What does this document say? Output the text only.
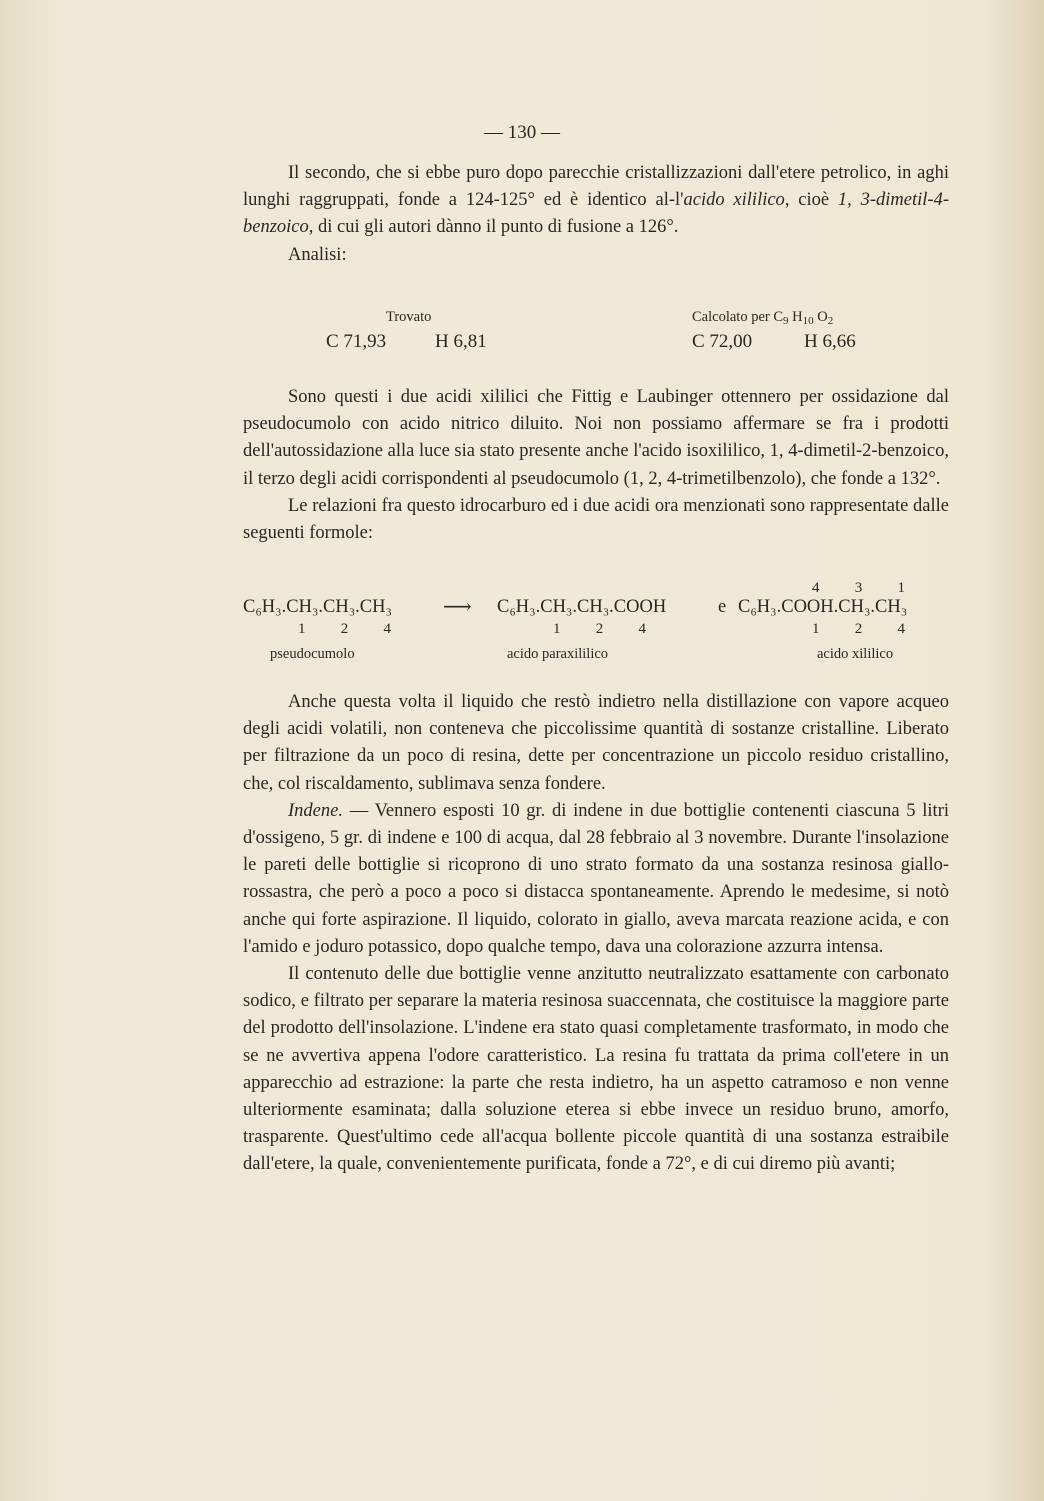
— 130 —

Il secondo, che si ebbe puro dopo parecchie cristallizzazioni dall'etere petrolico, in aghi lunghi raggruppati, fonde a 124-125° ed è identico al-l'acido xililico, cioè 1, 3-dimetil-4-benzoico, di cui gli autori dànno il punto di fusione a 126°.

Analisi:

Trovato	Calcolato per $C_9$ $H_{10}$ $O_2$
C 71,93	H 6,81	C 72,00	H 6,66

Sono questi i due acidi xililici che Fittig e Laubinger ottennero per ossidazione dal pseudocumolo con acido nitrico diluito. Noi non possiamo affermare se fra i prodotti dell'autossidazione alla luce sia stato presente anche l'acido isoxililico, 1, 4-dimetil-2-benzoico, il terzo degli acidi corrispondenti al pseudocumolo (1, 2, 4-trimetilbenzolo), che fonde a 132°.

Le relazioni fra questo idrocarburo ed i due acidi ora menzionati sono rappresentate dalle seguenti formole:

4   3   1
C₆H₃.CH₃.CH₃.CH₃	⟶ C₆H₃.CH₃.CH₃.COOH	e C₆H₃.COOH.CH₃.CH₃
1   2   4	1   2   4	1   2   4
pseudocumolo	acido paraxililico	acido xililico

Anche questa volta il liquido che restò indietro nella distillazione con vapore acqueo degli acidi volatili, non conteneva che piccolissime quantità di sostanze cristalline. Liberato per filtrazione da un poco di resina, dette per concentrazione un piccolo residuo cristallino, che, col riscaldamento, sublimava senza fondere.

Indene. — Vennero esposti 10 gr. di indene in due bottiglie contenenti ciascuna 5 litri d'ossigeno, 5 gr. di indene e 100 di acqua, dal 28 febbraio al 3 novembre. Durante l'insolazione le pareti delle bottiglie si ricoprono di uno strato formato da una sostanza resinosa giallo-rossastra, che però a poco a poco si distacca spontaneamente. Aprendo le medesime, si notò anche qui forte aspirazione. Il liquido, colorato in giallo, aveva marcata reazione acida, e con l'amido e joduro potassico, dopo qualche tempo, dava una colorazione azzurra intensa.

Il contenuto delle due bottiglie venne anzitutto neutralizzato esattamente con carbonato sodico, e filtrato per separare la materia resinosa suaccennata, che costituisce la maggiore parte del prodotto dell'insolazione. L'indene era stato quasi completamente trasformato, in modo che se ne avvertiva appena l'odore caratteristico. La resina fu trattata da prima coll'etere in un apparecchio ad estrazione: la parte che resta indietro, ha un aspetto catramoso e non venne ulteriormente esaminata; dalla soluzione eterea si ebbe invece un residuo bruno, amorfo, trasparente. Quest'ultimo cede all'acqua bollente piccole quantità di una sostanza estraibile dall'etere, la quale, convenientemente purificata, fonde a 72°, e di cui diremo più avanti;
